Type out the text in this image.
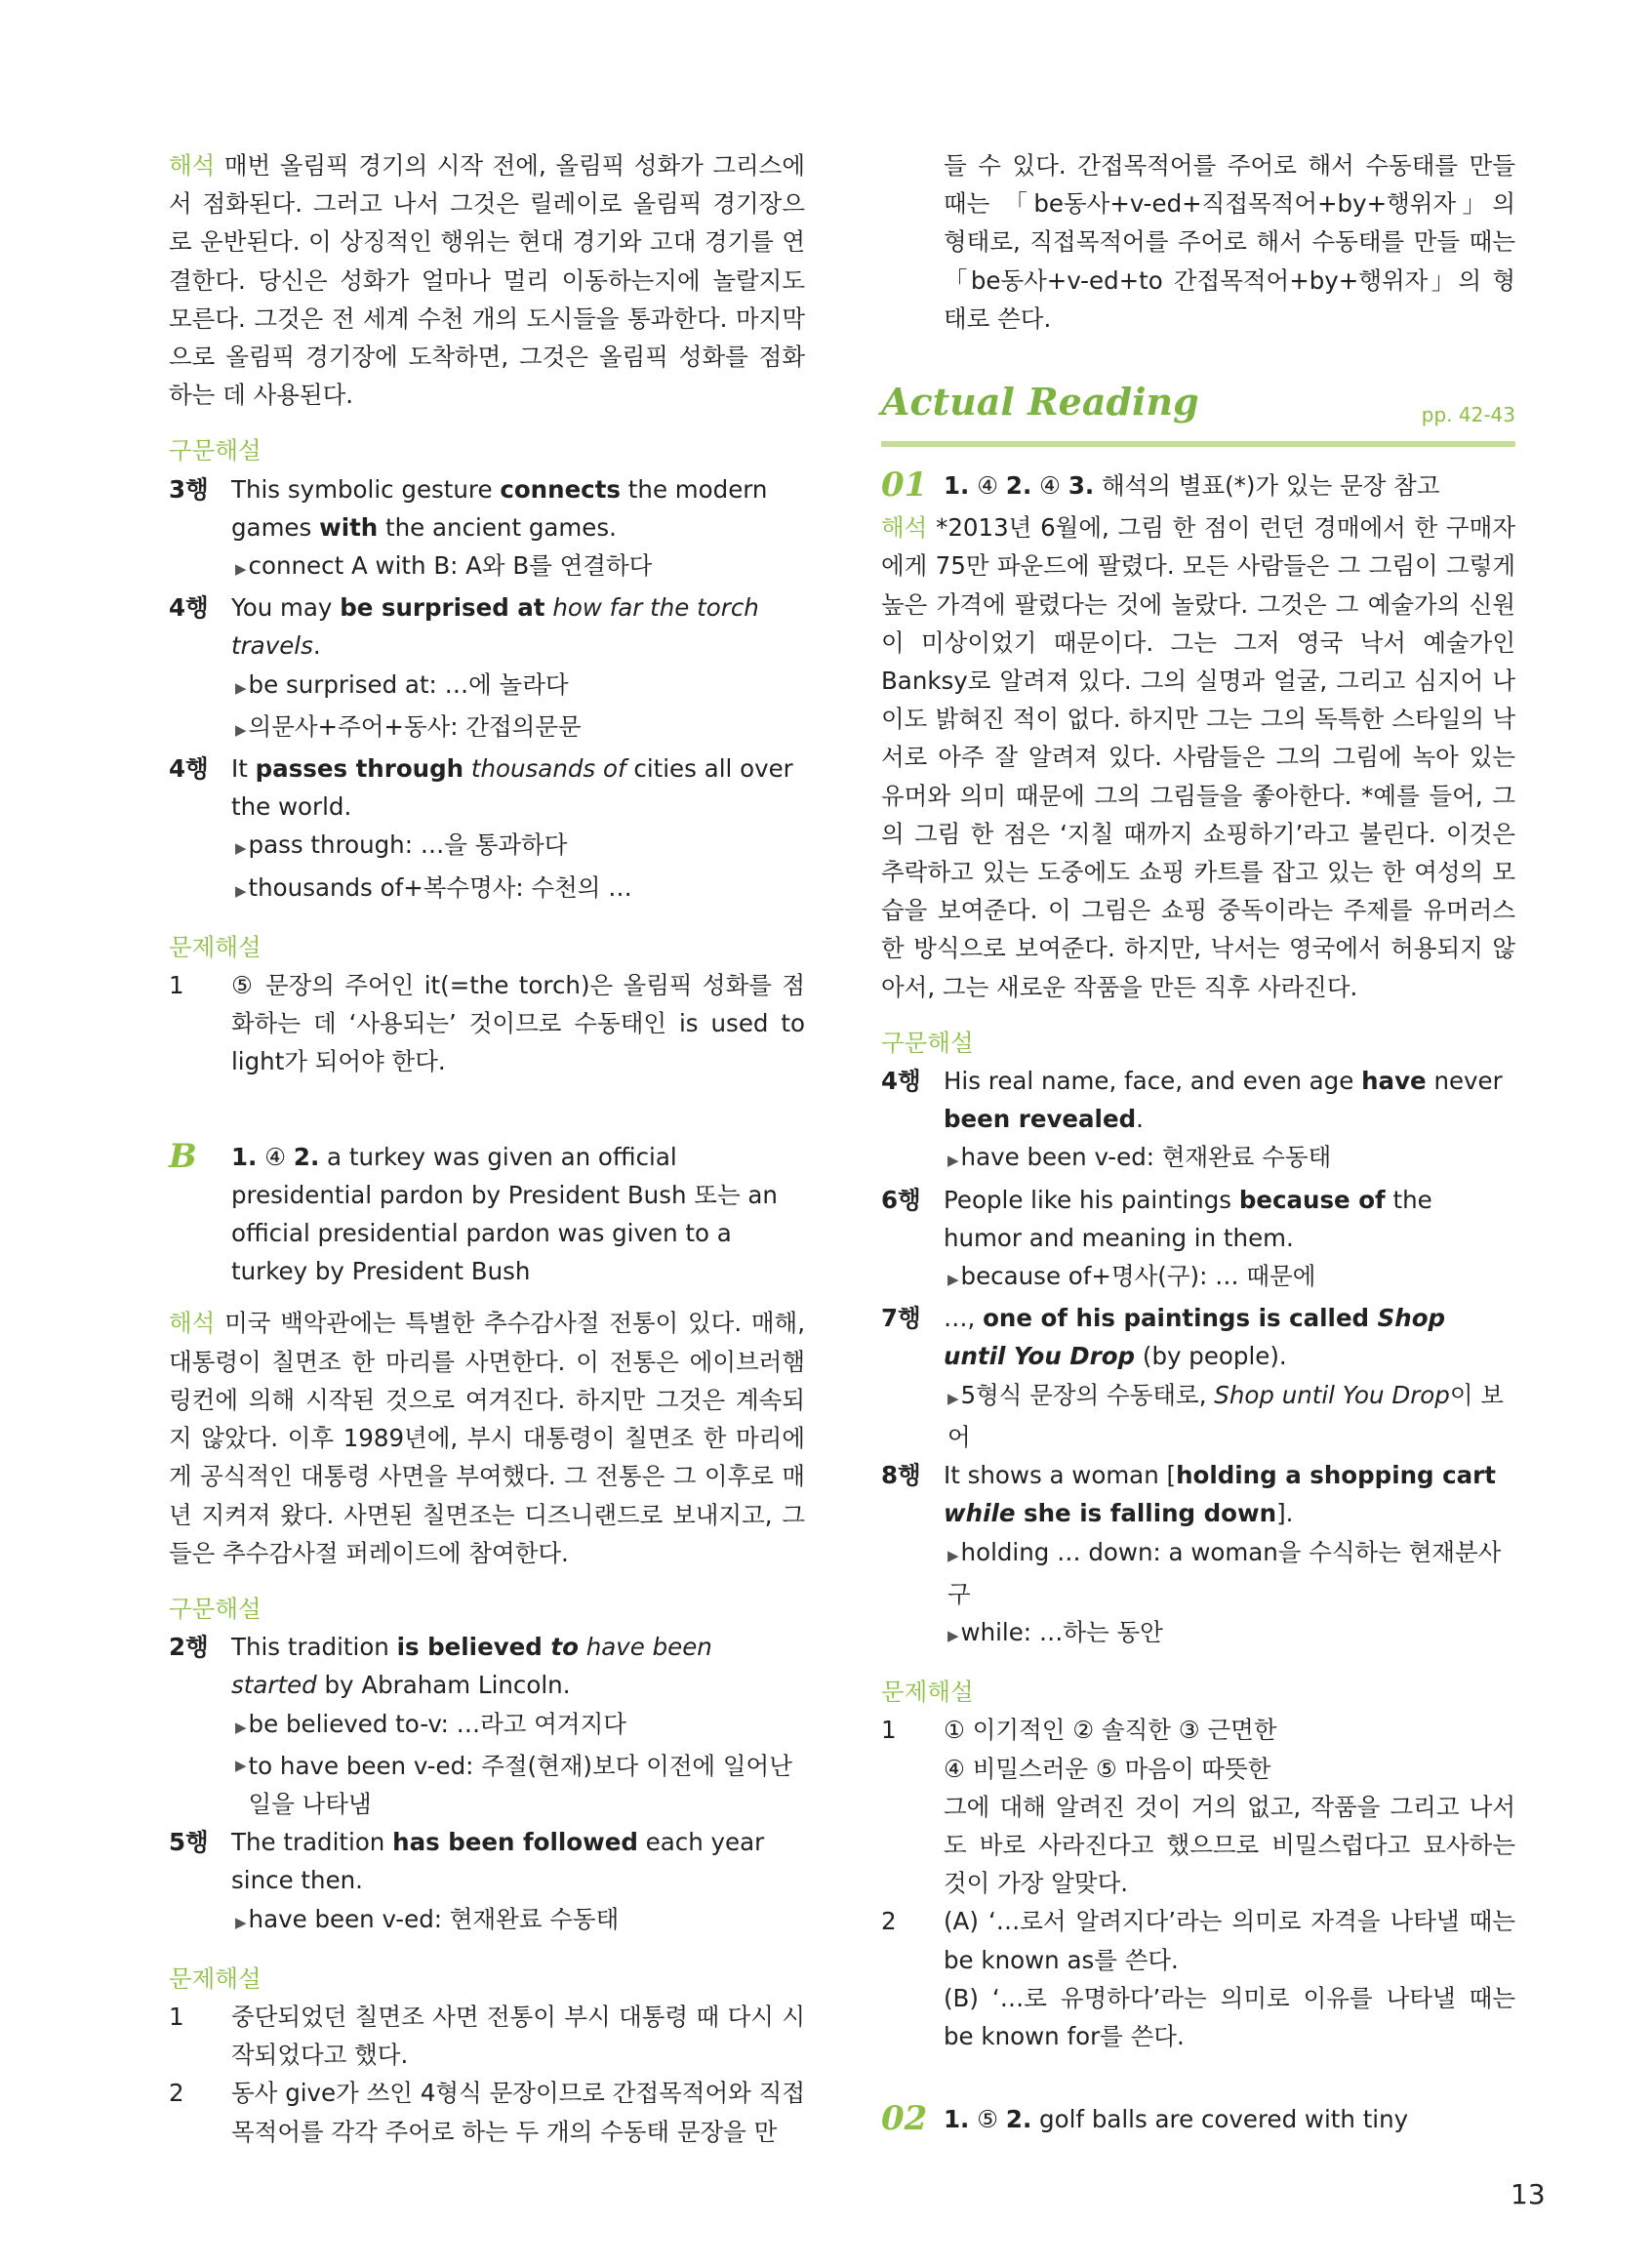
해석 매번 올림픽 경기의 시작 전에, 올림픽 성화가 그리스에서 점화된다. 그러고 나서 그것은 릴레이로 올림픽 경기장으로 운반된다. 이 상징적인 행위는 현대 경기와 고대 경기를 연결한다. 당신은 성화가 얼마나 멀리 이동하는지에 놀랄지도 모른다. 그것은 전 세계 수천 개의 도시들을 통과한다. 마지막으로 올림픽 경기장에 도착하면, 그것은 올림픽 성화를 점화하는 데 사용된다.

구문해설
3행 This symbolic gesture connects the modern games with the ancient games.
▶connect A with B: A와 B를 연결하다
4행 You may be surprised at how far the torch travels.
▶be surprised at: …에 놀라다
▶의문사+주어+동사: 간접의문문
4행 It passes through thousands of cities all over the world.
▶pass through: …을 통과하다
▶thousands of+복수명사: 수천의 …
문제해설
1	⑤ 문장의 주어인 it(=the torch)은 올림픽 성화를 점화하는 데 ‘사용되는’ 것이므로 수동태인 is used to light가 되어야 한다.
B	1. ④ 2. a turkey was given an official presidential pardon by President Bush 또는 an official presidential pardon was given to a turkey by President Bush

해석 미국 백악관에는 특별한 추수감사절 전통이 있다. 매해, 대통령이 칠면조 한 마리를 사면한다. 이 전통은 에이브러햄 링컨에 의해 시작된 것으로 여겨진다. 하지만 그것은 계속되지 않았다. 이후 1989년에, 부시 대통령이 칠면조 한 마리에게 공식적인 대통령 사면을 부여했다. 그 전통은 그 이후로 매년 지켜져 왔다. 사면된 칠면조는 디즈니랜드로 보내지고, 그들은 추수감사절 퍼레이드에 참여한다.

구문해설
2행 This tradition is believed to have been started by Abraham Lincoln.
▶be believed to-v: …라고 여겨지다
▶ to have been v-ed: 주절(현재)보다 이전에 일어난 일을 나타냄
5행 The tradition has been followed each year since then.
▶have been v-ed: 현재완료 수동태
문제해설
1	중단되었던 칠면조 사면 전통이 부시 대통령 때 다시 시작되었다고 했다.
2	동사 give가 쓰인 4형식 문장이므로 간접목적어와 직접목적어를 각각 주어로 하는 두 개의 수동태 문장을 만

들 수 있다. 간접목적어를 주어로 해서 수동태를 만들 때는 「be동사+v-ed+직접목적어+by+행위자」의 형태로, 직접목적어를 주어로 해서 수동태를 만들 때는 「be동사+v-ed+to 간접목적어+by+행위자」의 형태로 쓴다.

Actual Reading	pp. 42-43
01 1. ④ 2. ④ 3. 해석의 별표(*)가 있는 문장 참고

해석 *2013년 6월에, 그림 한 점이 런던 경매에서 한 구매자에게 75만 파운드에 팔렸다. 모든 사람들은 그 그림이 그렇게 높은 가격에 팔렸다는 것에 놀랐다. 그것은 그 예술가의 신원이 미상이었기 때문이다. 그는 그저 영국 낙서 예술가인 Banksy로 알려져 있다. 그의 실명과 얼굴, 그리고 심지어 나이도 밝혀진 적이 없다. 하지만 그는 그의 독특한 스타일의 낙서로 아주 잘 알려져 있다. 사람들은 그의 그림에 녹아 있는 유머와 의미 때문에 그의 그림들을 좋아한다. *예를 들어, 그의 그림 한 점은 ‘지칠 때까지 쇼핑하기’라고 불린다. 이것은 추락하고 있는 도중에도 쇼핑 카트를 잡고 있는 한 여성의 모습을 보여준다. 이 그림은 쇼핑 중독이라는 주제를 유머러스한 방식으로 보여준다. 하지만, 낙서는 영국에서 허용되지 않아서, 그는 새로운 작품을 만든 직후 사라진다.

구문해설
4행 His real name, face, and even age have never been revealed.
▶have been v-ed: 현재완료 수동태
6행 People like his paintings because of the humor and meaning in them.
▶because of+명사(구): … 때문에
7행 …, one of his paintings is called Shop until You Drop (by people).
▶5형식 문장의 수동태로, Shop until You Drop이 보어
8행 It shows a woman [holding a shopping cart while she is falling down].
▶holding … down: a woman을 수식하는 현재분사구
▶while: …하는 동안
문제해설
1	① 이기적인 ② 솔직한 ③ 근면한
④ 비밀스러운 ⑤ 마음이 따뜻한
그에 대해 알려진 것이 거의 없고, 작품을 그리고 나서도 바로 사라진다고 했으므로 비밀스럽다고 묘사하는 것이 가장 알맞다.
2	(A) ‘…로서 알려지다’라는 의미로 자격을 나타낼 때는 be known as를 쓴다.
(B) ‘…로 유명하다’라는 의미로 이유를 나타낼 때는 be known for를 쓴다.
02 1. ⑤ 2. golf balls are covered with tiny
13
